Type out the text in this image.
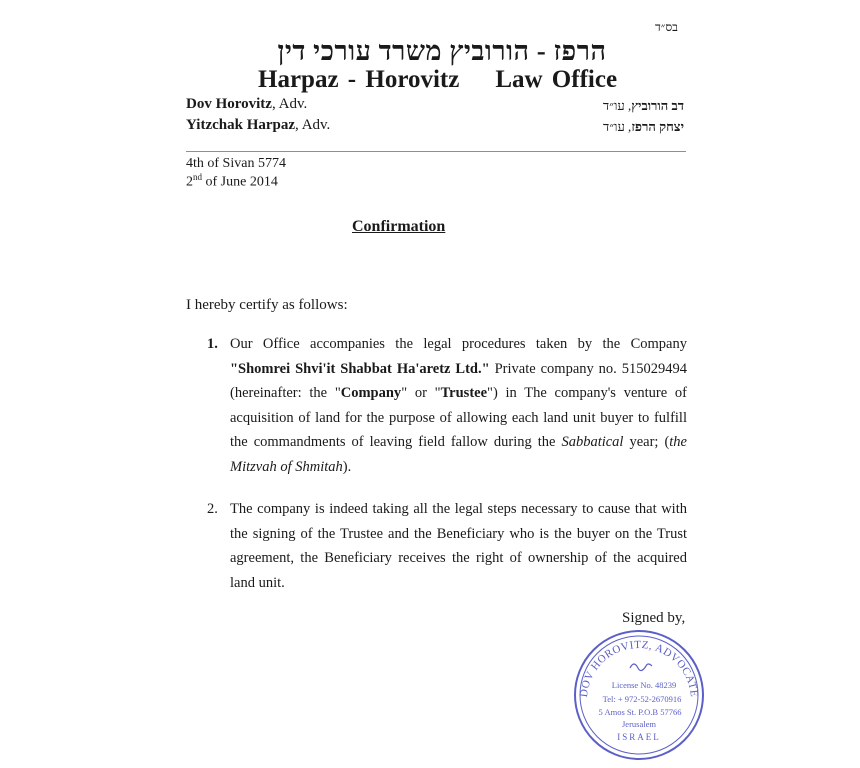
בס״ד
הרפז - הורוביץ משרד עורכי דין
Harpaz - Horovitz Law Office
Dov Horovitz, Adv.
Yitzchak Harpaz, Adv.
דב הורוביץ, עו״ד
יצחק הרפז, עו״ד
4th of Sivan 5774
2nd of June 2014
Confirmation
I hereby certify as follows:
1. Our Office accompanies the legal procedures taken by the Company "Shomrei Shvi'it Shabbat Ha'aretz Ltd." Private company no. 515029494 (hereinafter: the "Company" or "Trustee") in The company's venture of acquisition of land for the purpose of allowing each land unit buyer to fulfill the commandments of leaving field fallow during the Sabbatical year; (the Mitzvah of Shmitah).
2. The company is indeed taking all the legal steps necessary to cause that with the signing of the Trustee and the Beneficiary who is the buyer on the Trust agreement, the Beneficiary receives the right of ownership of the acquired land unit.
Signed by,
DOV HOROVITZ, ADVOCATE
License No. 48239
Tel: + 972-52-2670916
5 Amos St. P.O.B 57766
Jerusalem
ISRAEL
